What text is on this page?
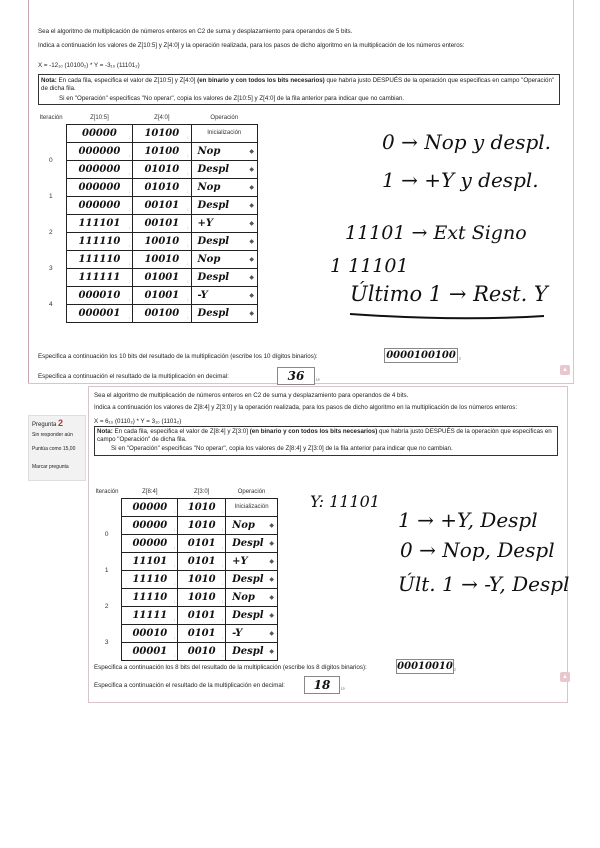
Sea el algoritmo de multiplicación de números enteros en C2 de suma y desplazamiento para operandos de 5 bits.
Indica a continuación los valores de Z[10:5] y Z[4:0] y la operación realizada, para los pasos de dicho algoritmo en la multiplicación de los números enteros:
X = -12₁₀ (10100₂) * Y = -3₁₀ (11101₂)
Nota: En cada fila, especifica el valor de Z[10:5] y Z[4:0] (en binario y con todos los bits necesarios) que habría justo DESPUÉS de la operación que especificas en campo "Operación" de dicha fila.
Si en "Operación" especificas "No operar", copia los valores de Z[10:5] y Z[4:0] de la fila anterior para indicar que no cambian.
Iteración	Z[10:5]	Z[4:0]	Operación

	00000 ⁞	10100 ⁞	Inicialización

0	000000 ⁞	10100 ⁞	Nop ◆

	000000 ⁞	01010 ⁞	Despl ◆

1	000000 ⁞	01010 ⁞	Nop ◆

	000000 ⁞	00101 ⁞	Despl ◆

2	111101 ⁞	00101 ⁞	+Y ◆

	111110 ⁞	10010 ⁞	Despl ◆

3	111110 ⁞	10010 ⁞	Nop ◆

	111111 ⁞	01001 ⁞	Despl ◆

4	000010 ⁞	01001 ⁞	-Y ◆

	000001 ⁞	00100 ⁞	Despl ◆
Especifica a continuación los 10 bits del resultado de la multiplicación (escribe los 10 dígitos binarios):	0000100100 ₂
Especifica a continuación el resultado de la multiplicación en decimal:	36	₁₀
▲
0 → Nop y despl.
1 → +Y y despl.
11101 → Ext Signo
1 11101
Último 1 → Rest. Y
Pregunta 2
Sin responder aún
Puntúa como 15,00
Marcar pregunta
Sea el algoritmo de multiplicación de números enteros en C2 de suma y desplazamiento para operandos de 4 bits.
Indica a continuación los valores de Z[8:4] y Z[3:0] y la operación realizada, para los pasos de dicho algoritmo en la multiplicación de los números enteros:
X = 6₁₀ (0110₂) * Y = 3₁₀ (1101₂)
Nota: En cada fila, especifica el valor de Z[8:4] y Z[3:0] (en binario y con todos los bits necesarios) que habría justo DESPUÉS de la operación que especificas en campo "Operación" de dicha fila.
Si en "Operación" especificas "No operar", copia los valores de Z[8:4] y Z[3:0] de la fila anterior para indicar que no cambian.
Iteración	Z[8:4]	Z[3:0]	Operación

	00000 ⁞	1010 ⁞	Inicialización

0	00000 ⁞	1010 ⁞	Nop ◆

	00000 ⁞	0101 ⁞	Despl ◆

1	11101 ⁞	0101 ⁞	+Y ◆

	11110 ⁞	1010 ⁞	Despl ◆

2	11110 ⁞	1010 ⁞	Nop ◆

	11111 ⁞	0101 ⁞	Despl ◆

3	00010 ⁞	0101 ⁞	-Y ◆

	00001 ⁞	0010 ⁞	Despl ◆
Especifica a continuación los 8 bits del resultado de la multiplicación (escribe los 8 dígitos binarios):	00010010 ₂
Especifica a continuación el resultado de la multiplicación en decimal:	18	₁₀
▲
Y: 11101
1 → +Y, Despl
0 → Nop, Despl
Últ. 1 → -Y, Despl
